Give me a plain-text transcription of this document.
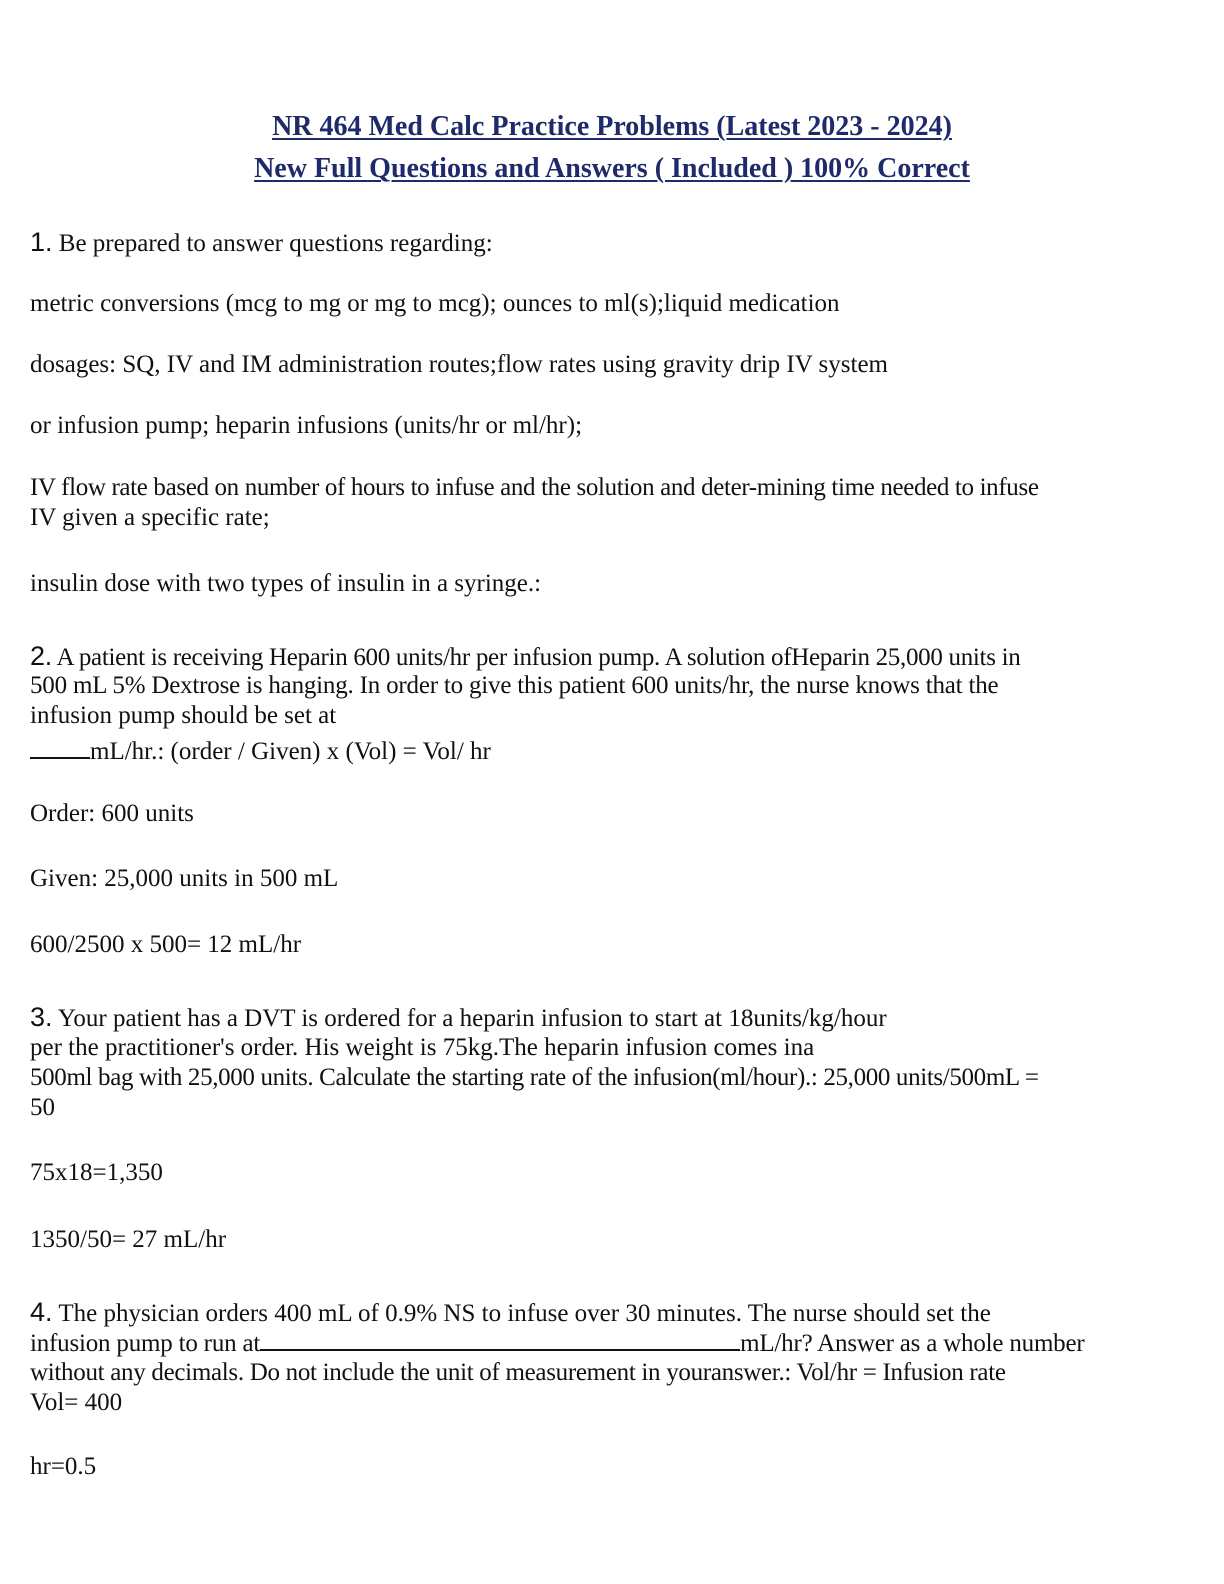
NR 464 Med Calc Practice Problems (Latest 2023 - 2024)
New Full Questions and Answers ( Included ) 100% Correct
1. Be prepared to answer questions regarding:
metric conversions (mcg to mg or mg to mcg); ounces to ml(s);liquid medication
dosages: SQ, IV and IM administration routes;flow rates using gravity drip IV system
or infusion pump; heparin infusions (units/hr or ml/hr);
IV flow rate based on number of hours to infuse and the solution and deter-mining time needed to infuse
IV given a specific rate;
insulin dose with two types of insulin in a syringe.:
2. A patient is receiving Heparin 600 units/hr per infusion pump. A solution ofHeparin 25,000 units in
500 mL 5% Dextrose is hanging. In order to give this patient 600 units/hr, the nurse knows that the
infusion pump should be set at
mL/hr.: (order / Given) x (Vol) = Vol/ hr
Order: 600 units
Given: 25,000 units in 500 mL
600/2500 x 500= 12 mL/hr
3. Your patient has a DVT is ordered for a heparin infusion to start at 18units/kg/hour
per the practitioner's order. His weight is 75kg.The heparin infusion comes ina
500ml bag with 25,000 units. Calculate the starting rate of the infusion(ml/hour).: 25,000 units/500mL =
50
75x18=1,350
1350/50= 27 mL/hr
4. The physician orders 400 mL of 0.9% NS to infuse over 30 minutes. The nurse should set the
infusion pump to run at	mL/hr? Answer as a whole number
without any decimals. Do not include the unit of measurement in youranswer.: Vol/hr = Infusion rate
Vol= 400
hr=0.5
